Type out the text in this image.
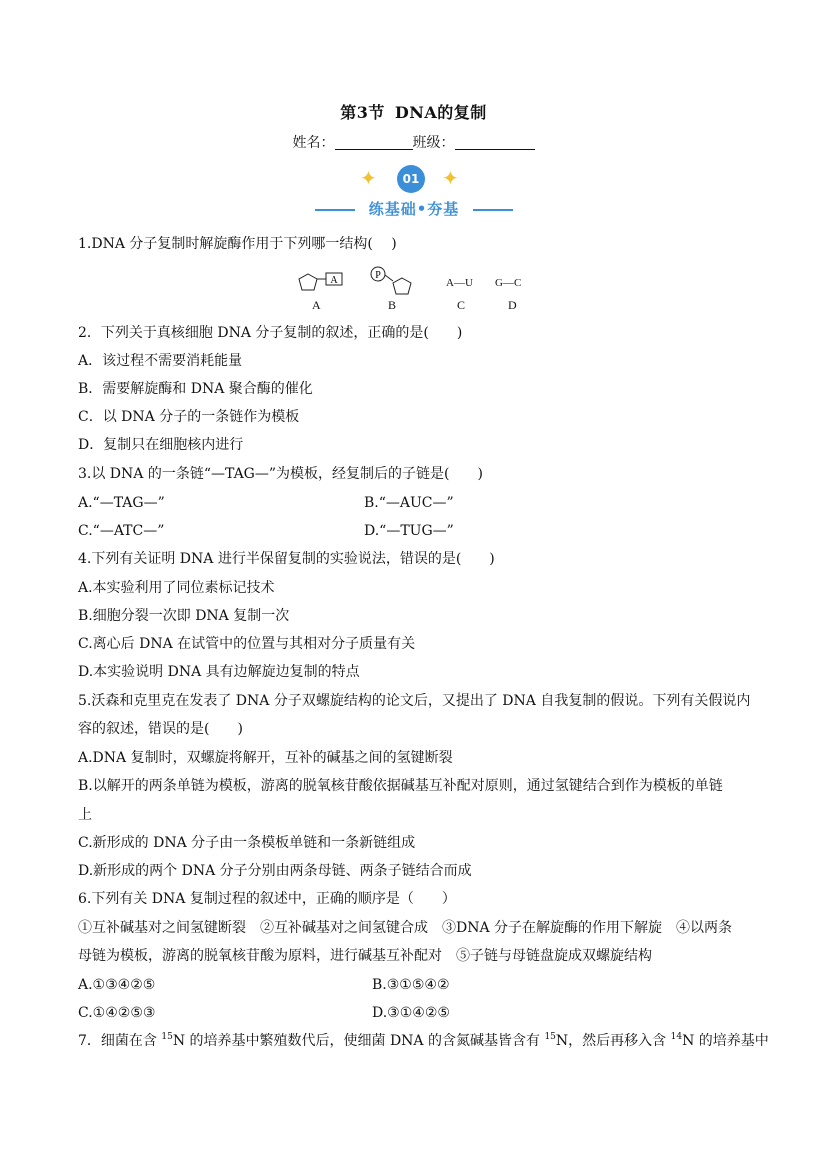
第3节 DNA的复制
姓名：	班级：
✦	01 ✦
练基础•夯基
1.DNA 分子复制时解旋酶作用于下列哪一结构(　 )
A	P
A—U G—C
A	B	C	D
2．下列关于真核细胞 DNA 分子复制的叙述，正确的是(　　)
A．该过程不需要消耗能量
B．需要解旋酶和 DNA 聚合酶的催化
C．以 DNA 分子的一条链作为模板
D．复制只在细胞核内进行
3.以 DNA 的一条链“—TAG—”为模板，经复制后的子链是(　　)
A.“—TAG—”	B.“—AUC—”
C.“—ATC—”	D.“—TUG—”
4.下列有关证明 DNA 进行半保留复制的实验说法，错误的是(　　)
A.本实验利用了同位素标记技术
B.细胞分裂一次即 DNA 复制一次
C.离心后 DNA 在试管中的位置与其相对分子质量有关
D.本实验说明 DNA 具有边解旋边复制的特点
5.沃森和克里克在发表了 DNA 分子双螺旋结构的论文后，又提出了 DNA 自我复制的假说。下列有关假说内
容的叙述，错误的是(　　)
A.DNA 复制时，双螺旋将解开，互补的碱基之间的氢键断裂
B.以解开的两条单链为模板，游离的脱氧核苷酸依据碱基互补配对原则，通过氢键结合到作为模板的单链
上
C.新形成的 DNA 分子由一条模板单链和一条新链组成
D.新形成的两个 DNA 分子分别由两条母链、两条子链结合而成
6.下列有关 DNA 复制过程的叙述中，正确的顺序是（　　）
①互补碱基对之间氢键断裂　②互补碱基对之间氢键合成　③DNA 分子在解旋酶的作用下解旋　④以两条
母链为模板，游离的脱氧核苷酸为原料，进行碱基互补配对　⑤子链与母链盘旋成双螺旋结构
A.①③④②⑤	B.③①⑤④②
C.①④②⑤③	D.③①④②⑤
7．细菌在含 $^{15}$N 的培养基中繁殖数代后，使细菌 DNA 的含氮碱基皆含有 $^{15}$N，然后再移入含 $^{14}$N 的培养基中
